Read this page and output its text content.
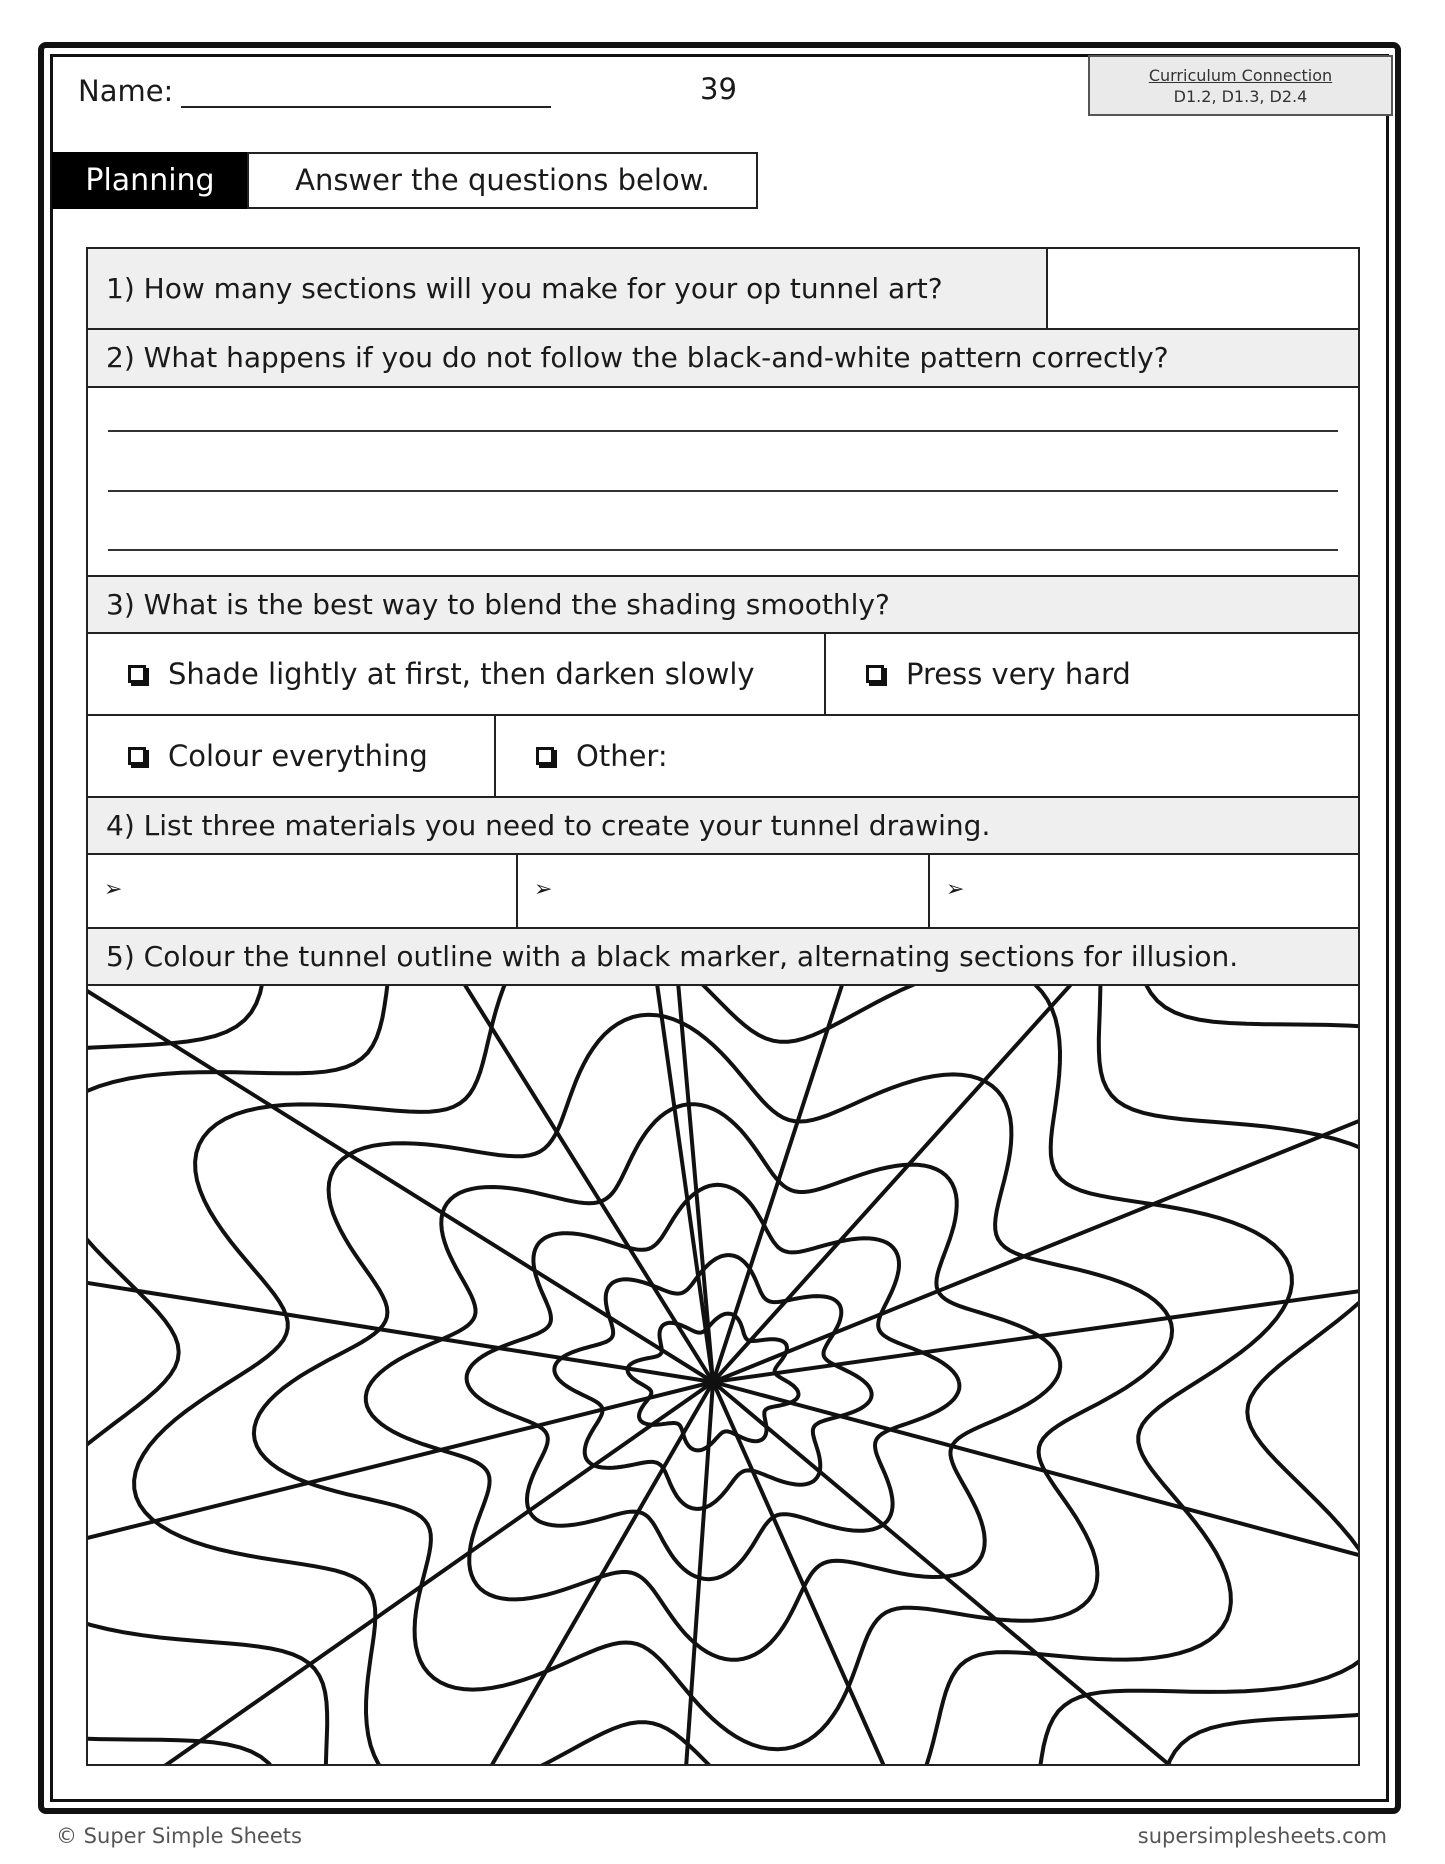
Name:	39	Curriculum Connection
D1.2, D1.3, D2.4
Planning	Answer the questions below.
1) How many sections will you make for your op tunnel art?
2) What happens if you do not follow the black-and-white pattern correctly?
3) What is the best way to blend the shading smoothly?
Shade lightly at first, then darken slowly	Press very hard
Colour everything	Other:
4) List three materials you need to create your tunnel drawing.
➢	➢	➢
5) Colour the tunnel outline with a black marker, alternating sections for illusion.
© Super Simple Sheets	supersimplesheets.com
